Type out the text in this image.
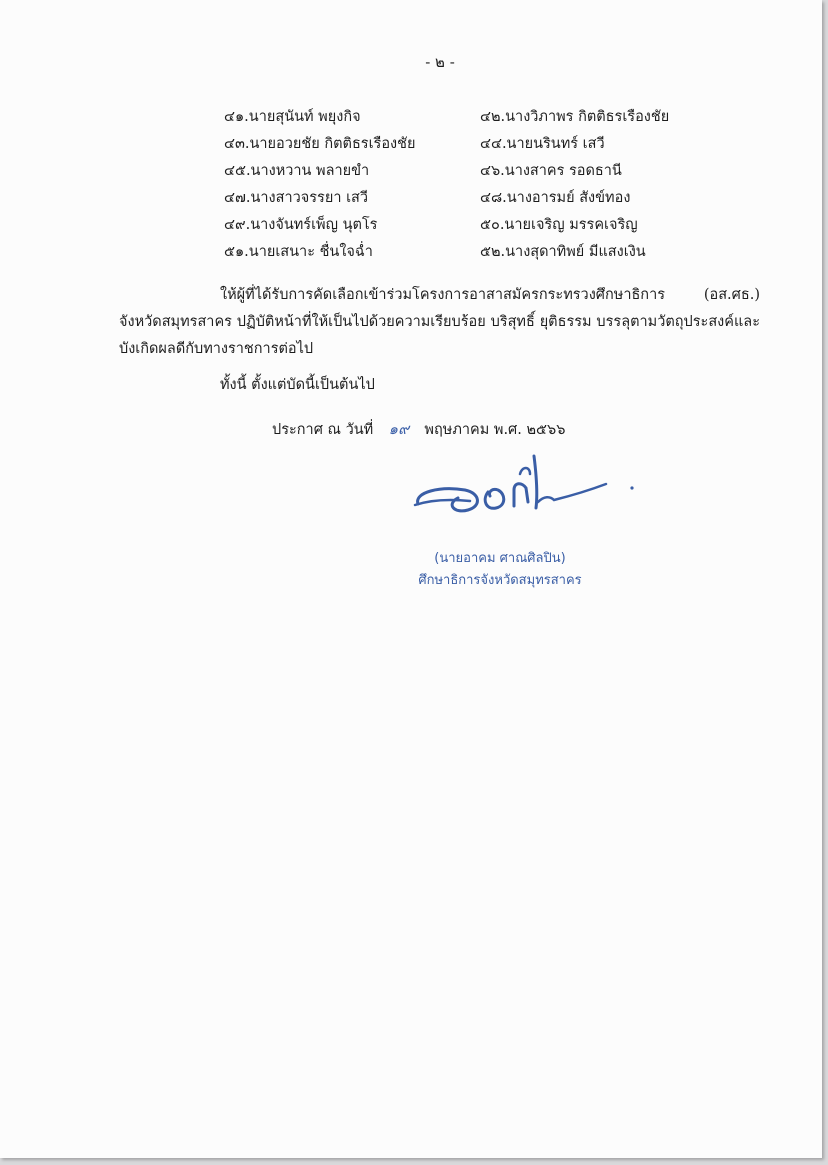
- ๒ -
๔๑.นายสุนันท์ พยุงกิจ	๔๒.นางวิภาพร กิตติธรเรืองชัย
๔๓.นายอวยชัย กิตติธรเรืองชัย	๔๔.นายนรินทร์ เสวี
๔๕.นางหวาน พลายขำ	๔๖.นางสาคร รอดธานี
๔๗.นางสาวจรรยา เสวี	๔๘.นางอารมย์ สังข์ทอง
๔๙.นางจันทร์เพ็ญ นุตโร	๕๐.นายเจริญ มรรคเจริญ
๕๑.นายเสนาะ ชื่นใจฉ่ำ	๕๒.นางสุดาทิพย์ มีแสงเงิน
ให้ผู้ที่ได้รับการคัดเลือกเข้าร่วมโครงการอาสาสมัครกระทรวงศึกษาธิการ (อส.ศธ.) จังหวัดสมุทรสาคร ปฏิบัติหน้าที่ให้เป็นไปด้วยความเรียบร้อย บริสุทธิ์ ยุติธรรม บรรลุตามวัตถุประสงค์และบังเกิดผลดีกับทางราชการต่อไป
ทั้งนี้ ตั้งแต่บัดนี้เป็นต้นไป
ประกาศ ณ วันที่ ๑๙ พฤษภาคม พ.ศ. ๒๕๖๖
(นายอาคม ศาณศิลปิน)
ศึกษาธิการจังหวัดสมุทรสาคร
